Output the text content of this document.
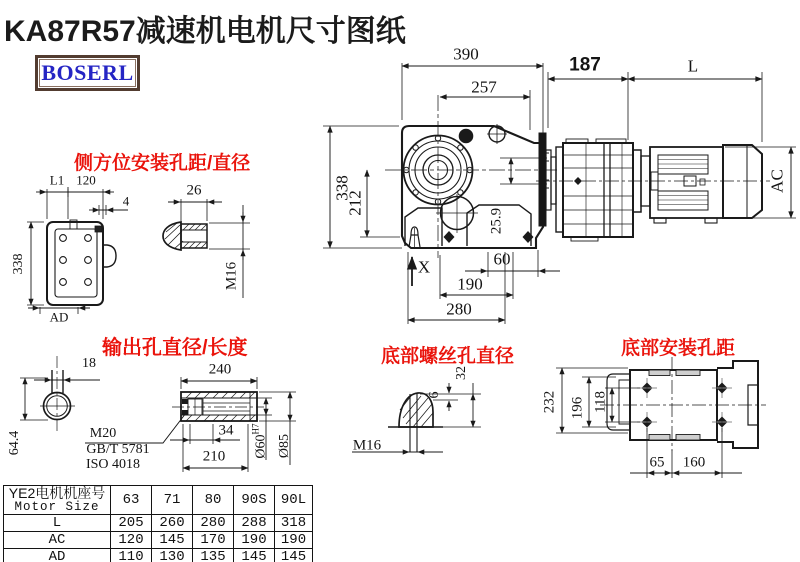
KA87R57减速机电机尺寸图纸
BOSERL
侧方位安装孔距/直径
输出孔直径/长度	底部螺丝孔直径	底部安装孔距
390
257
338
212
25.9
X	60
190
280
187	L
AC
L1 120
4
338
AD
26
M16
18
64.4
240
M20
GB/T 5781
ISO 4018
34
210 $Ø60^{H7}$
Ø85
32
6
M16
232 196 118
65 160
YE2电机机座号
Motor Size	63	71	80	90S	90L
L	205	260	280	288	318
AC	120	145	170	190	190
AD	110	130	135	145	145
